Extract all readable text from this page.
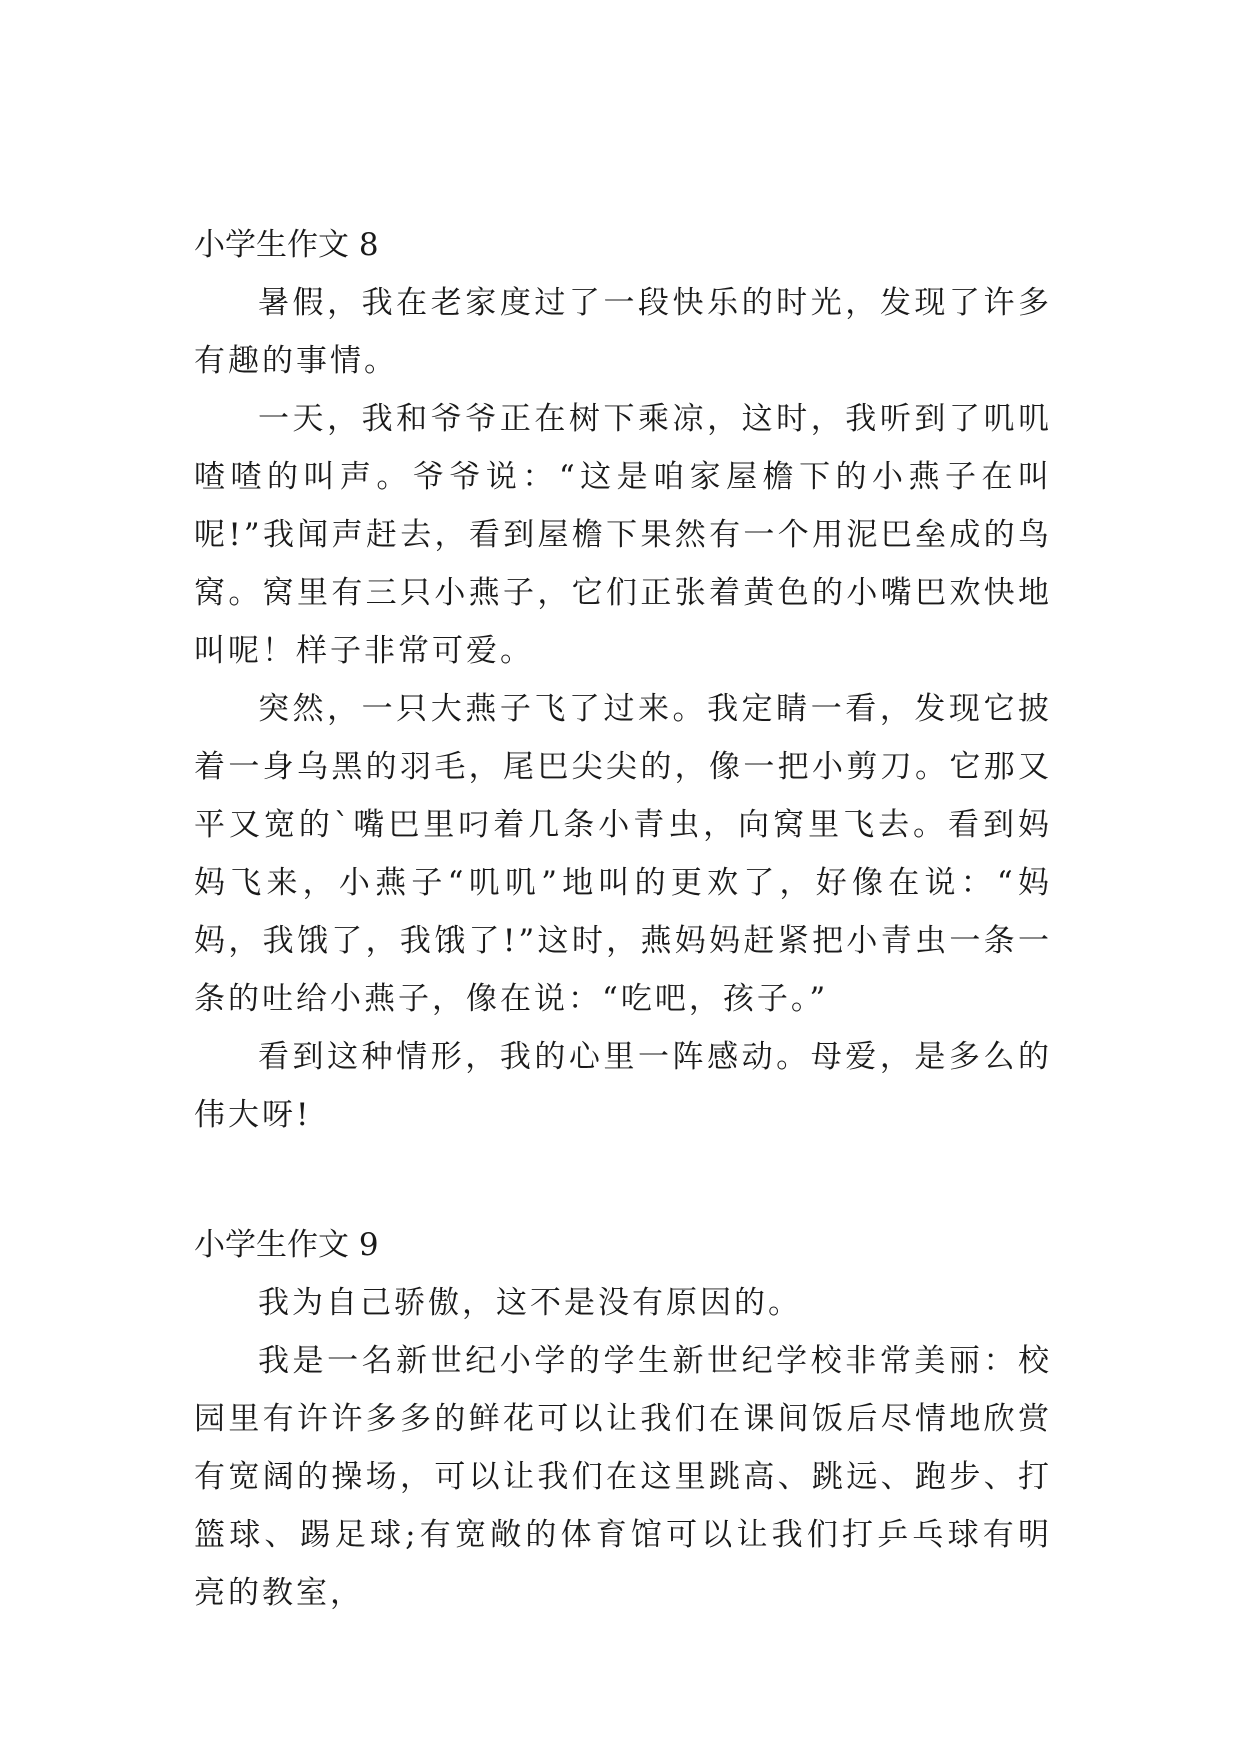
小学生作文 8

暑假，我在老家度过了一段快乐的时光，发现了许多有趣的事情。

一天，我和爷爷正在树下乘凉，这时，我听到了叽叽喳喳的叫声。爷爷说：“这是咱家屋檐下的小燕子在叫呢!”我闻声赶去，看到屋檐下果然有一个用泥巴垒成的鸟窝。窝里有三只小燕子，它们正张着黄色的小嘴巴欢快地叫呢！样子非常可爱。

突然，一只大燕子飞了过来。我定睛一看，发现它披着一身乌黑的羽毛，尾巴尖尖的，像一把小剪刀。它那又平又宽的`嘴巴里叼着几条小青虫，向窝里飞去。看到妈妈飞来，小燕子“叽叽”地叫的更欢了，好像在说：“妈妈，我饿了，我饿了!”这时，燕妈妈赶紧把小青虫一条一条的吐给小燕子，像在说：“吃吧，孩子。”

看到这种情形，我的心里一阵感动。母爱，是多么的伟大呀!

小学生作文 9

我为自己骄傲，这不是没有原因的。

我是一名新世纪小学的学生新世纪学校非常美丽：校园里有许许多多的鲜花可以让我们在课间饭后尽情地欣赏有宽阔的操场，可以让我们在这里跳高、跳远、跑步、打篮球、踢足球;有宽敞的体育馆可以让我们打乒乓球有明亮的教室，
